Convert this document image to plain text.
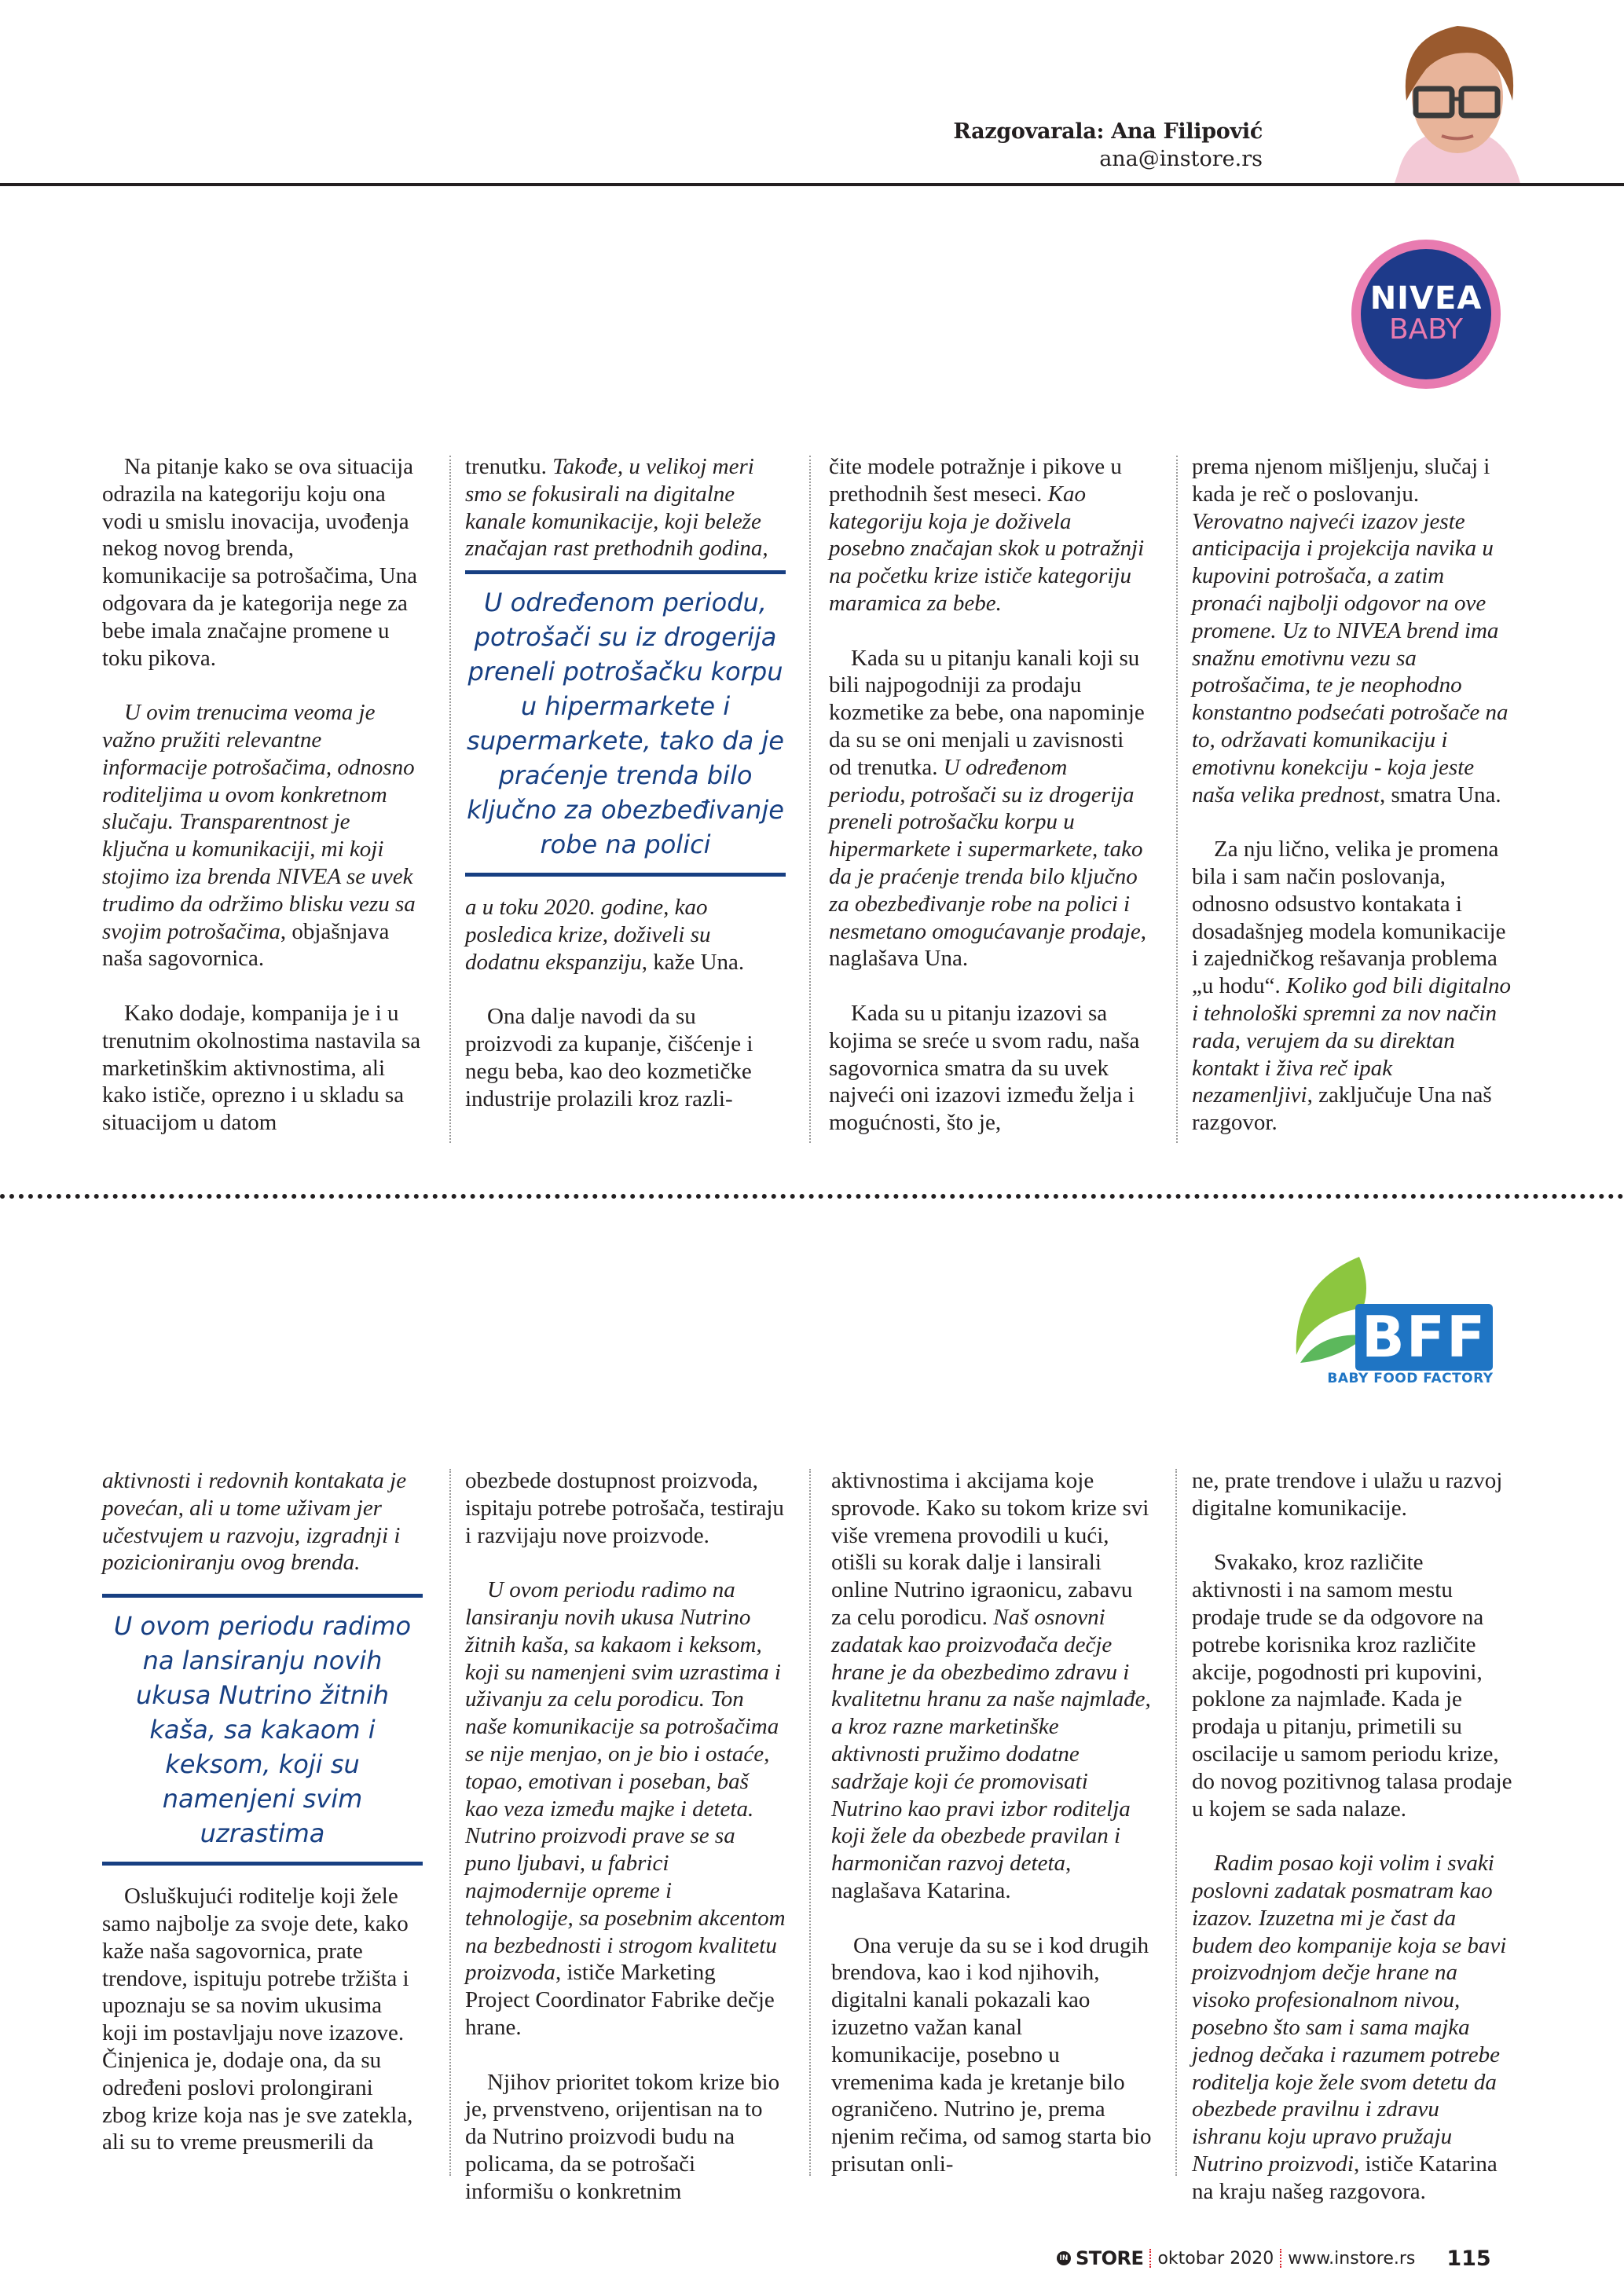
Razgovarala: Ana Filipović
ana@instore.rs
NIVEA
BABY

Na pitanje kako se ova situacija odrazila na kategoriju koju ona vodi u smislu inovacija, uvođenja nekog novog brenda, komunikacije sa potrošačima, Una odgovara da je kategorija nege za bebe imala značajne promene u toku pikova.

U ovim trenucima veoma je važno pružiti relevantne informacije potrošačima, odnosno roditeljima u ovom konkretnom slučaju. Transparentnost je ključna u komunikaciji, mi koji stojimo iza brenda NIVEA se uvek trudimo da održimo blisku vezu sa svojim potrošačima, objašnjava naša sagovornica.

Kako dodaje, kompanija je i u trenutnim okolnostima nastavila sa marketinškim aktivnostima, ali kako ističe, oprezno i u skladu sa situacijom u datom

trenutku. Takođe, u velikoj meri smo se fokusirali na digitalne kanale komunikacije, koji beleže značajan rast prethodnih godina,

U određenom periodu, potrošači su iz drogerija preneli potrošačku korpu u hipermarkete i supermarkete, tako da je praćenje trenda bilo ključno za obezbeđivanje robe na polici

a u toku 2020. godine, kao posledica krize, doživeli su dodatnu ekspanziju, kaže Una.

Ona dalje navodi da su proizvodi za kupanje, čišćenje i negu beba, kao deo kozmetičke industrije prolazili kroz razli-

čite modele potražnje i pikove u prethodnih šest meseci. Kao kategoriju koja je doživela posebno značajan skok u potražnji na početku krize ističe kategoriju maramica za bebe.

Kada su u pitanju kanali koji su bili najpogodniji za prodaju kozmetike za bebe, ona napominje da su se oni menjali u zavisnosti od trenutka. U određenom periodu, potrošači su iz drogerija preneli potrošačku korpu u hipermarkete i supermarkete, tako da je praćenje trenda bilo ključno za obezbeđivanje robe na polici i nesmetano omogućavanje prodaje, naglašava Una.

Kada su u pitanju izazovi sa kojima se sreće u svom radu, naša sagovornica smatra da su uvek najveći oni izazovi između želja i mogućnosti, što je,

prema njenom mišljenju, slučaj i kada je reč o poslovanju. Verovatno najveći izazov jeste anticipacija i projekcija navika u kupovini potrošača, a zatim pronaći najbolji odgovor na ove promene. Uz to NIVEA brend ima snažnu emotivnu vezu sa potrošačima, te je neophodno konstantno podsećati potrošače na to, održavati komunikaciju i emotivnu konekciju - koja jeste naša velika prednost, smatra Una.

Za nju lično, velika je promena bila i sam način poslovanja, odnosno odsustvo kontakata i dosadašnjeg modela komunikacije i zajedničkog rešavanja problema „u hodu“. Koliko god bili digitalno i tehnološki spremni za nov način rada, verujem da su direktan kontakt i živa reč ipak nezamenljivi, zaključuje Una naš razgovor.

BFF
BABY FOOD FACTORY

aktivnosti i redovnih kontakata je povećan, ali u tome uživam jer učestvujem u razvoju, izgradnji i pozicioniranju ovog brenda.

U ovom periodu radimo na lansiranju novih ukusa Nutrino žitnih kaša, sa kakaom i keksom, koji su namenjeni svim uzrastima

Osluškujući roditelje koji žele samo najbolje za svoje dete, kako kaže naša sagovornica, prate trendove, ispituju potrebe tržišta i upoznaju se sa novim ukusima koji im postavljaju nove izazove. Činjenica je, dodaje ona, da su određeni poslovi prolongirani zbog krize koja nas je sve zatekla, ali su to vreme preusmerili da

obezbede dostupnost proizvoda, ispitaju potrebe potrošača, testiraju i razvijaju nove proizvode.

U ovom periodu radimo na lansiranju novih ukusa Nutrino žitnih kaša, sa kakaom i keksom, koji su namenjeni svim uzrastima i uživanju za celu porodicu. Ton naše komunikacije sa potrošačima se nije menjao, on je bio i ostaće, topao, emotivan i poseban, baš kao veza između majke i deteta. Nutrino proizvodi prave se sa puno ljubavi, u fabrici najmodernije opreme i tehnologije, sa posebnim akcentom na bezbednosti i strogom kvalitetu proizvoda, ističe Marketing Project Coordinator Fabrike dečje hrane.

Njihov prioritet tokom krize bio je, prvenstveno, orijentisan na to da Nutrino proizvodi budu na policama, da se potrošači informišu o konkretnim

aktivnostima i akcijama koje sprovode. Kako su tokom krize svi više vremena provodili u kući, otišli su korak dalje i lansirali online Nutrino igraonicu, zabavu za celu porodicu. Naš osnovni zadatak kao proizvođača dečje hrane je da obezbedimo zdravu i kvalitetnu hranu za naše najmlađe, a kroz razne marketinške aktivnosti pružimo dodatne sadržaje koji će promovisati Nutrino kao pravi izbor roditelja koji žele da obezbede pravilan i harmoničan razvoj deteta, naglašava Katarina.

Ona veruje da su se i kod drugih brendova, kao i kod njihovih, digitalni kanali pokazali kao izuzetno važan kanal komunikacije, posebno u vremenima kada je kretanje bilo ograničeno. Nutrino je, prema njenim rečima, od samog starta bio prisutan onli-

ne, prate trendove i ulažu u razvoj digitalne komunikacije.

Svakako, kroz različite aktivnosti i na samom mestu prodaje trude se da odgovore na potrebe korisnika kroz različite akcije, pogodnosti pri kupovini, poklone za najmlađe. Kada je prodaja u pitanju, primetili su oscilacije u samom periodu krize, do novog pozitivnog talasa prodaje u kojem se sada nalaze.

Radim posao koji volim i svaki poslovni zadatak posmatram kao izazov. Izuzetna mi je čast da budem deo kompanije koja se bavi proizvodnjom dečje hrane na visoko profesionalnom nivou, posebno što sam i sama majka jednog dečaka i razumem potrebe roditelja koje žele svom detetu da obezbede pravilnu i zdravu ishranu koju upravo pružaju Nutrino proizvodi, ističe Katarina na kraju našeg razgovora.

IN STORE oktobar 2020 www.instore.rs 115
